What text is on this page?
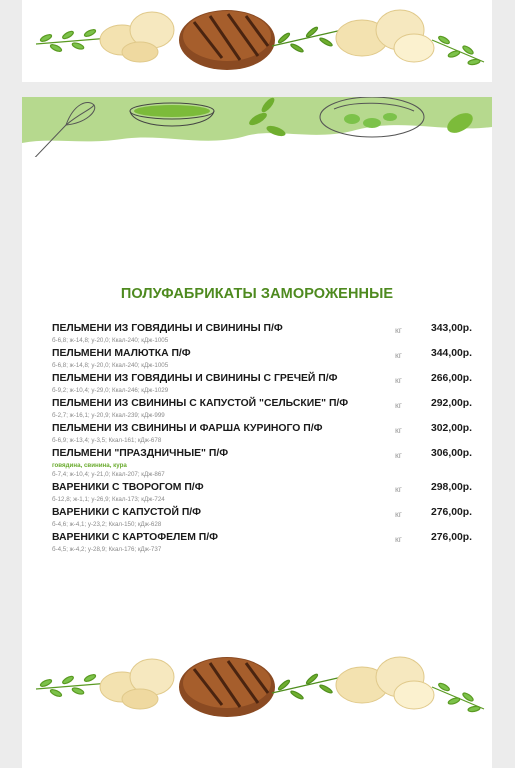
ПОЛУФАБРИКАТЫ ЗАМОРОЖЕННЫЕ
ПЕЛЬМЕНИ ИЗ ГОВЯДИНЫ И СВИНИНЫ П/Ф
б-6,8; ж-14,8; у-20,0; Ккал-240; кДж-1005
кг	343,00р.
ПЕЛЬМЕНИ МАЛЮТКА П/Ф
б-6,8; ж-14,8; у-20,0; Ккал-240; кДж-1005
кг	344,00р.
ПЕЛЬМЕНИ ИЗ ГОВЯДИНЫ И СВИНИНЫ С ГРЕЧЕЙ П/Ф
б-9,2; ж-10,4; у-29,0; Ккал-246; кДж-1029
кг	266,00р.
ПЕЛЬМЕНИ ИЗ СВИНИНЫ С КАПУСТОЙ "СЕЛЬСКИЕ" П/Ф
б-2,7; ж-16,1; у-20,9; Ккал-239; кДж-999
кг	292,00р.
ПЕЛЬМЕНИ ИЗ СВИНИНЫ И ФАРША КУРИНОГО П/Ф
б-6,9; ж-13,4; у-3,5; Ккал-161; кДж-678
кг	302,00р.
ПЕЛЬМЕНИ "ПРАЗДНИЧНЫЕ" П/Ф
говядина, свинина, кура
б-7,4; ж-10,4; у-21,0; Ккал-207; кДж-867
кг	306,00р.
ВАРЕНИКИ С ТВОРОГОМ П/Ф
б-12,8; ж-1,1; у-26,9; Ккал-173; кДж-724
кг	298,00р.
ВАРЕНИКИ С КАПУСТОЙ П/Ф
б-4,6; ж-4,1; у-23,2; Ккал-150; кДж-628
кг	276,00р.
ВАРЕНИКИ С КАРТОФЕЛЕМ П/Ф
б-4,5; ж-4,2; у-28,9; Ккал-176; кДж-737
кг	276,00р.
